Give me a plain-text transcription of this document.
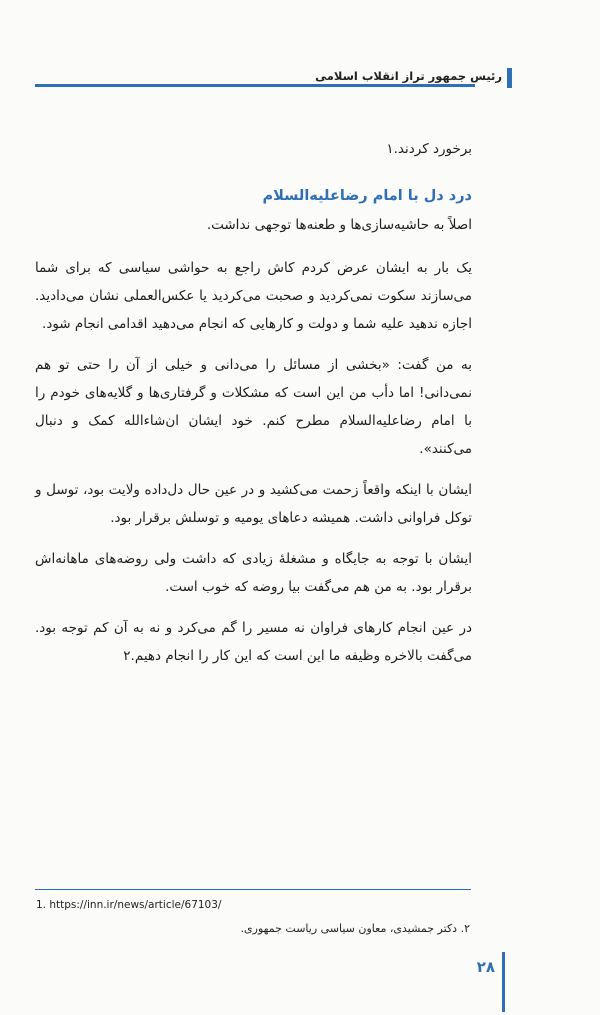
رئیس جمهور تراز انقلاب اسلامی

برخورد کردند.۱

درد دل با امام رضاعلیه‌السلام

اصلاً به حاشیه‌سازی‌ها و طعنه‌ها توجهی نداشت.

یک بار به ایشان عرض کردم کاش راجع به حواشی سیاسی که برای شما می‌سازند سکوت نمی‌کردید و صحبت می‌کردید یا عکس‌العملی نشان می‌دادید. اجازه ندهید علیه شما و دولت و کارهایی که انجام می‌دهید اقدامی انجام شود.

به من گفت: «بخشی از مسائل را می‌دانی و خیلی از آن را حتی تو هم نمی‌دانی! اما دأب من این است که مشکلات و گرفتاری‌ها و گلایه‌های خودم را با امام رضاعلیه‌السلام مطرح کنم. خود ایشان ان‌شاءالله کمک و دنبال می‌کنند».

ایشان با اینکه واقعاً زحمت می‌کشید و در عین حال دل‌داده ولایت بود، توسل و توکل فراوانی داشت. همیشه دعاهای یومیه و توسلش برقرار بود.

ایشان با توجه به جایگاه و مشغلهٔ زیادی که داشت ولی روضه‌های ماهانه‌اش برقرار بود. به من هم می‌گفت بیا روضه که خوب است.

در عین انجام کارهای فراوان نه مسیر را گم می‌کرد و نه به آن کم توجه بود. می‌گفت بالاخره وظیفه ما این است که این کار را انجام دهیم.۲

1. https://inn.ir/news/article/67103/
۲. دکتر جمشیدی، معاون سیاسی ریاست جمهوری.
۲۸
